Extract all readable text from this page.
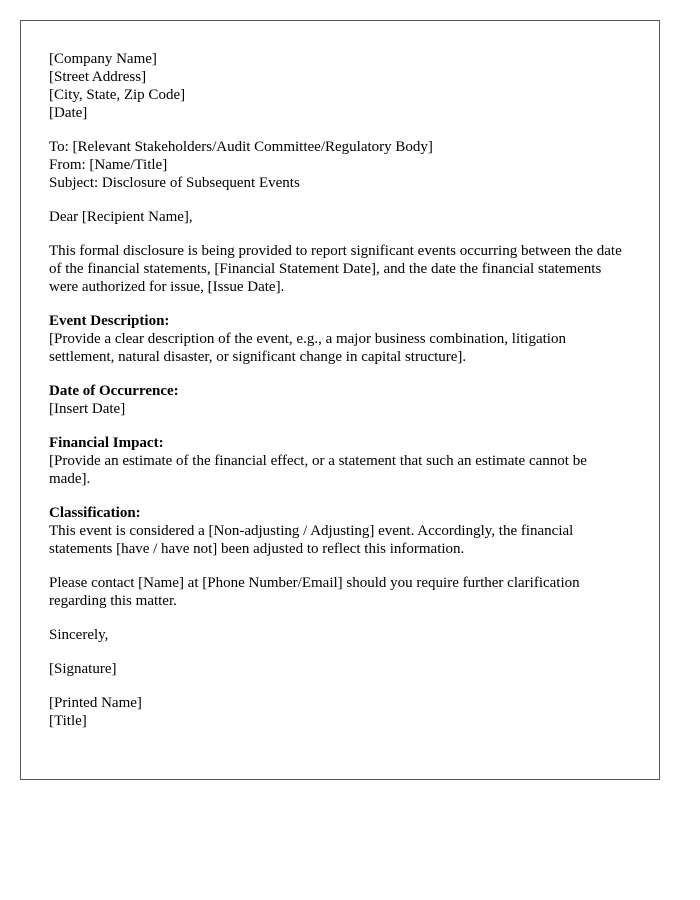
[Company Name]
[Street Address]
[City, State, Zip Code]
[Date]
To: [Relevant Stakeholders/Audit Committee/Regulatory Body]
From: [Name/Title]
Subject: Disclosure of Subsequent Events

Dear [Recipient Name],

This formal disclosure is being provided to report significant events occurring between the date of the financial statements, [Financial Statement Date], and the date the financial statements were authorized for issue, [Issue Date].

Event Description:
[Provide a clear description of the event, e.g., a major business combination, litigation settlement, natural disaster, or significant change in capital structure].
Date of Occurrence:
[Insert Date]
Financial Impact:
[Provide an estimate of the financial effect, or a statement that such an estimate cannot be made].
Classification:
This event is considered a [Non-adjusting / Adjusting] event. Accordingly, the financial statements [have / have not] been adjusted to reflect this information.

Please contact [Name] at [Phone Number/Email] should you require further clarification regarding this matter.

Sincerely,

[Signature]

[Printed Name]
[Title]
